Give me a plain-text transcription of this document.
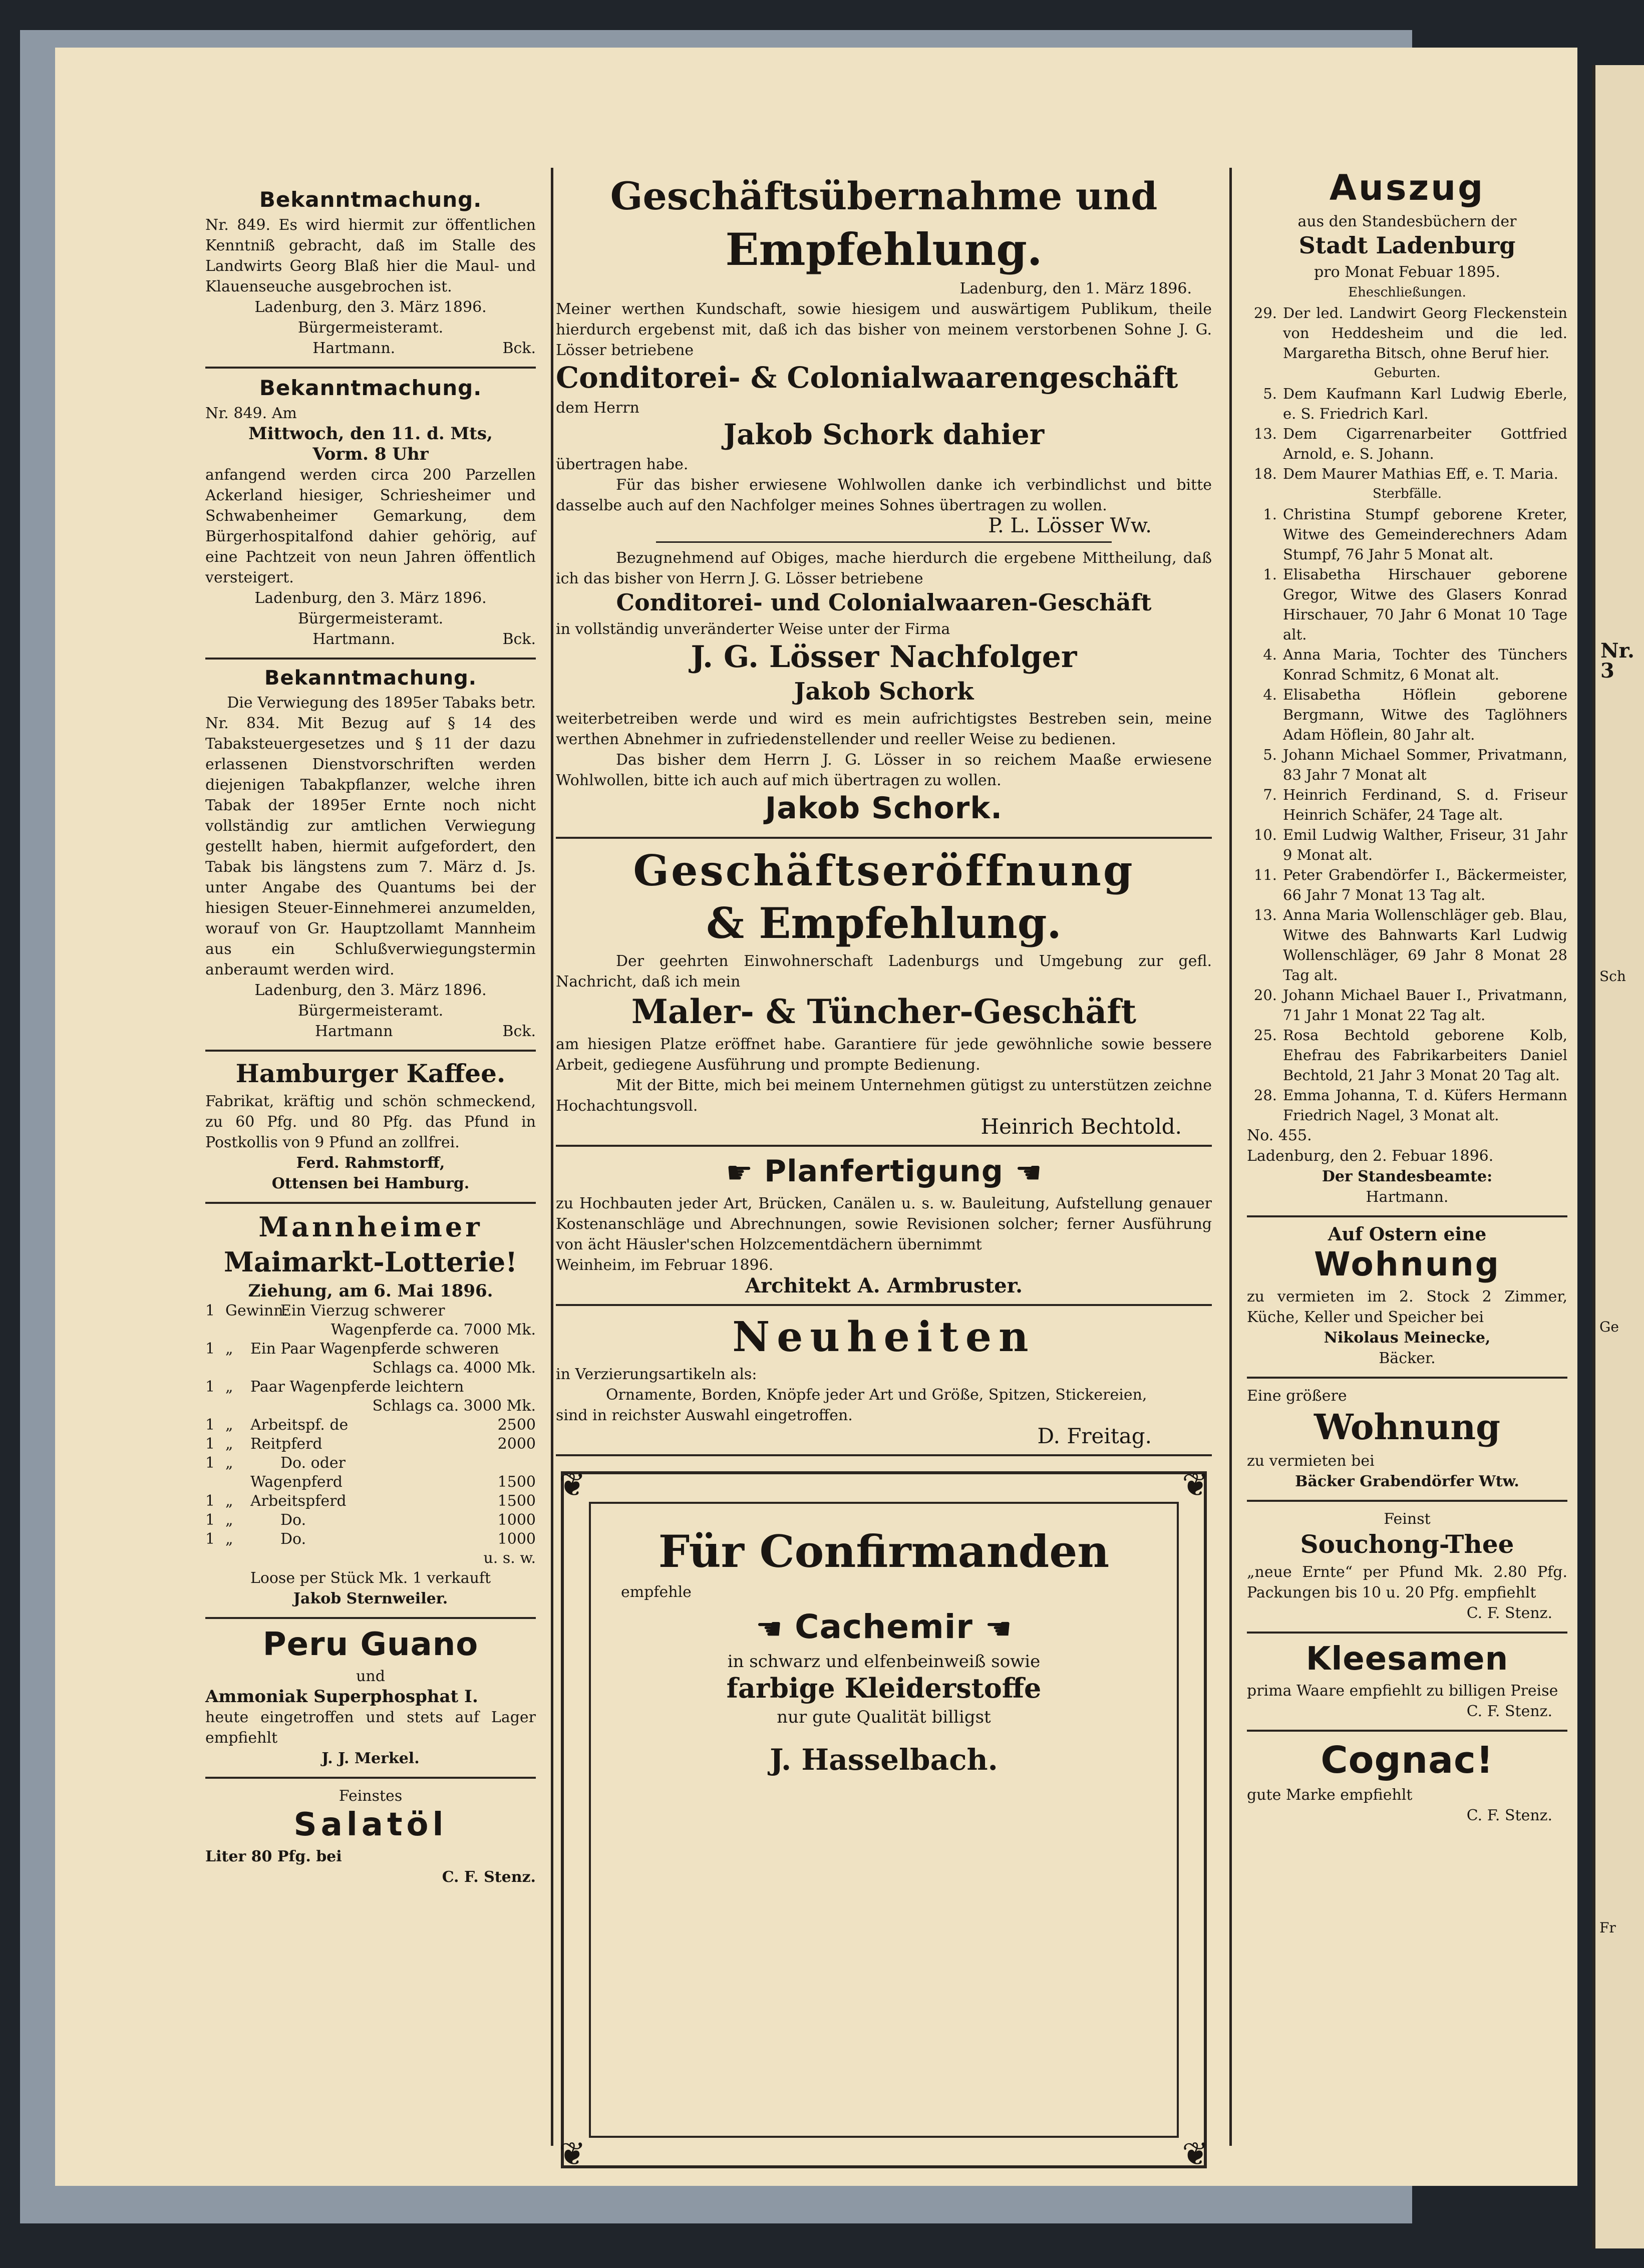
Nr. 3

Sch

Ge

Fr

Bekanntmachung.

Nr. 849. Es wird hiermit zur öffentlichen Kenntniß gebracht, daß im Stalle des Landwirts Georg Blaß hier die Maul- und Klauenseuche ausgebrochen ist.

Ladenburg, den 3. März 1896.

Bürgermeisteramt.

Hartmann.	Bck.
Bekanntmachung.

Nr. 849. Am

Mittwoch, den 11. d. Mts,

Vorm. 8 Uhr

anfangend werden circa 200 Parzellen Ackerland hiesiger, Schriesheimer und Schwabenheimer Gemarkung, dem Bürgerhospitalfond dahier gehörig, auf eine Pachtzeit von neun Jahren öffentlich versteigert.

Ladenburg, den 3. März 1896.

Bürgermeisteramt.

Hartmann.	Bck.
Bekanntmachung.

Die Verwiegung des 1895er Tabaks betr.

Nr. 834. Mit Bezug auf § 14 des Tabaksteuergesetzes und § 11 der dazu erlassenen Dienstvorschriften werden diejenigen Tabakpflanzer, welche ihren Tabak der 1895er Ernte noch nicht vollständig zur amtlichen Verwiegung gestellt haben, hiermit aufgefordert, den Tabak bis längstens zum 7. März d. Js. unter Angabe des Quantums bei der hiesigen Steuer-Einnehmerei anzumelden, worauf von Gr. Hauptzollamt Mannheim aus ein Schlußverwiegungstermin anberaumt werden wird.

Ladenburg, den 3. März 1896.

Bürgermeisteramt.

Hartmann	Bck.
Hamburger Kaffee.

Fabrikat, kräftig und schön schmeckend, zu 60 Pfg. und 80 Pfg. das Pfund in Postkollis von 9 Pfund an zollfrei.

Ferd. Rahmstorff,

Ottensen bei Hamburg.

Mannheimer
Maimarkt-Lotterie!

Ziehung, am 6. Mai 1896.

1 Gewinn.
Ein Vierzug schwerer
Wagenpferde ca. 7000 Mk.
1 „	Ein Paar Wagenpferde schweren
Schlags ca. 4000 Mk.
1 „	Paar Wagenpferde leichtern
Schlags ca. 3000 Mk.
1 „	Arbeitspf. de	2500
1 „	Reitpferd	2000
1 „	Do. oder
Wagenpferd	1500
1 „	Arbeitspferd	1500
1 „	Do.	1000
1 „	Do.	1000
u. s. w.

Loose per Stück Mk. 1 verkauft

Jakob Sternweiler.

Peru Guano

und

Ammoniak Superphosphat I.

heute eingetroffen und stets auf Lager empfiehlt

J. J. Merkel.

Feinstes

Salatöl

Liter 80 Pfg. bei

C. F. Stenz.

Geschäftsübernahme und
Empfehlung.

Ladenburg, den 1. März 1896.

Meiner werthen Kundschaft, sowie hiesigem und auswärtigem Publikum, theile hierdurch ergebenst mit, daß ich das bisher von meinem verstorbenen Sohne J. G. Lösser betriebene

Conditorei- & Colonialwaarengeschäft

dem Herrn

Jakob Schork dahier

übertragen habe.

Für das bisher erwiesene Wohlwollen danke ich verbindlichst und bitte dasselbe auch auf den Nachfolger meines Sohnes übertragen zu wollen.

P. L. Lösser Ww.

Bezugnehmend auf Obiges, mache hierdurch die ergebene Mittheilung, daß ich das bisher von Herrn J. G. Lösser betriebene

Conditorei- und Colonialwaaren-Geschäft

in vollständig unveränderter Weise unter der Firma

J. G. Lösser Nachfolger
Jakob Schork

weiterbetreiben werde und wird es mein aufrichtigstes Bestreben sein, meine werthen Abnehmer in zufriedenstellender und reeller Weise zu bedienen.

Das bisher dem Herrn J. G. Lösser in so reichem Maaße erwiesene Wohlwollen, bitte ich auch auf mich übertragen zu wollen.

Jakob Schork.
Geschäftseröffnung
& Empfehlung.

Der geehrten Einwohnerschaft Ladenburgs und Umgebung zur gefl. Nachricht, daß ich mein

Maler- & Tüncher-Geschäft

am hiesigen Platze eröffnet habe. Garantiere für jede gewöhnliche sowie bessere Arbeit, gediegene Ausführung und prompte Bedienung.

Mit der Bitte, mich bei meinem Unternehmen gütigst zu unterstützen zeichne Hochachtungsvoll.

Heinrich Bechtold.

☛ Planfertigung ☛

zu Hochbauten jeder Art, Brücken, Canälen u. s. w. Bauleitung, Aufstellung genauer Kostenanschläge und Abrechnungen, sowie Revisionen solcher; ferner Ausführung von ächt Häusler'schen Holzcementdächern übernimmt

Weinheim, im Februar 1896.

Architekt A. Armbruster.

Neuheiten

in Verzierungsartikeln als:

Ornamente, Borden, Knöpfe jeder Art und Größe, Spitzen, Stickereien,

sind in reichster Auswahl eingetroffen.

D. Freitag.

❦	❦
❦	❦
Für Confirmanden

empfehle

☛ Cachemir ☚

in schwarz und elfenbeinweiß sowie

farbige Kleiderstoffe

nur gute Qualität billigst

J. Hasselbach.
Auszug

aus den Standesbüchern der

Stadt Ladenburg

pro Monat Febuar 1895.

Eheschließungen.

29. Der led. Landwirt Georg Fleckenstein von Heddesheim und die led. Margaretha Bitsch, ohne Beruf hier.

Geburten.

5. Dem Kaufmann Karl Ludwig Eberle, e. S. Friedrich Karl.
13. Dem Cigarrenarbeiter Gottfried Arnold, e. S. Johann.
18. Dem Maurer Mathias Eff, e. T. Maria.

Sterbfälle.

1. Christina Stumpf geborene Kreter, Witwe des Gemeinderechners Adam Stumpf, 76 Jahr 5 Monat alt.
1. Elisabetha Hirschauer geborene Gregor, Witwe des Glasers Konrad Hirschauer, 70 Jahr 6 Monat 10 Tage alt.
4. Anna Maria, Tochter des Tünchers Konrad Schmitz, 6 Monat alt.
4. Elisabetha Höflein geborene Bergmann, Witwe des Taglöhners Adam Höflein, 80 Jahr alt.
5. Johann Michael Sommer, Privatmann, 83 Jahr 7 Monat alt
7. Heinrich Ferdinand, S. d. Friseur Heinrich Schäfer, 24 Tage alt.
10. Emil Ludwig Walther, Friseur, 31 Jahr 9 Monat alt.
11. Peter Grabendörfer I., Bäckermeister, 66 Jahr 7 Monat 13 Tag alt.
13. Anna Maria Wollenschläger geb. Blau, Witwe des Bahnwarts Karl Ludwig Wollenschläger, 69 Jahr 8 Monat 28 Tag alt.
20. Johann Michael Bauer I., Privatmann, 71 Jahr 1 Monat 22 Tag alt.
25. Rosa Bechtold geborene Kolb, Ehefrau des Fabrikarbeiters Daniel Bechtold, 21 Jahr 3 Monat 20 Tag alt.
28. Emma Johanna, T. d. Küfers Hermann Friedrich Nagel, 3 Monat alt.

No. 455.

Ladenburg, den 2. Febuar 1896.

Der Standesbeamte:

Hartmann.

Auf Ostern eine

Wohnung

zu vermieten im 2. Stock 2 Zimmer, Küche, Keller und Speicher bei

Nikolaus Meinecke,

Bäcker.

Eine größere

Wohnung

zu vermieten bei

Bäcker Grabendörfer Wtw.

Feinst

Souchong-Thee

„neue Ernte“ per Pfund Mk. 2.80 Pfg. Packungen bis 10 u. 20 Pfg. empfiehlt

C. F. Stenz.

Kleesamen

prima Waare empfiehlt zu billigen Preise

C. F. Stenz.

Cognac!

gute Marke empfiehlt

C. F. Stenz.
